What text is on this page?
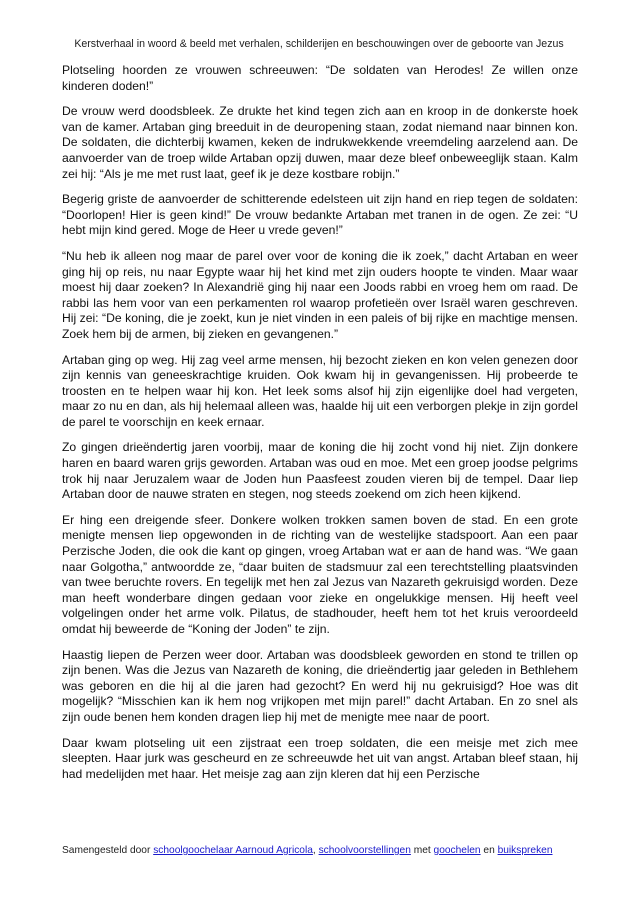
Kerstverhaal in woord & beeld met verhalen, schilderijen en beschouwingen over de geboorte van Jezus

Plotseling hoorden ze vrouwen schreeuwen: “De soldaten van Herodes! Ze willen onze kinderen doden!”

De vrouw werd doodsbleek. Ze drukte het kind tegen zich aan en kroop in de donkerste hoek van de kamer. Artaban ging breeduit in de deuropening staan, zodat niemand naar binnen kon. De soldaten, die dichterbij kwamen, keken de indrukwekkende vreemdeling aarzelend aan. De aanvoerder van de troep wilde Artaban opzij duwen, maar deze bleef onbeweeglijk staan. Kalm zei hij: “Als je me met rust laat, geef ik je deze kostbare robijn.”

Begerig griste de aanvoerder de schitterende edelsteen uit zijn hand en riep tegen de soldaten: “Doorlopen! Hier is geen kind!” De vrouw bedankte Artaban met tranen in de ogen. Ze zei: “U hebt mijn kind gered. Moge de Heer u vrede geven!”

“Nu heb ik alleen nog maar de parel over voor de koning die ik zoek,” dacht Artaban en weer ging hij op reis, nu naar Egypte waar hij het kind met zijn ouders hoopte te vinden. Maar waar moest hij daar zoeken? In Alexandrië ging hij naar een Joods rabbi en vroeg hem om raad. De rabbi las hem voor van een perkamenten rol waarop profetieën over Israël waren geschreven. Hij zei: “De koning, die je zoekt, kun je niet vinden in een paleis of bij rijke en machtige mensen. Zoek hem bij de armen, bij zieken en gevangenen.”

Artaban ging op weg. Hij zag veel arme mensen, hij bezocht zieken en kon velen genezen door zijn kennis van geneeskrachtige kruiden. Ook kwam hij in gevangenissen. Hij probeerde te troosten en te helpen waar hij kon. Het leek soms alsof hij zijn eigenlijke doel had vergeten, maar zo nu en dan, als hij helemaal alleen was, haalde hij uit een verborgen plekje in zijn gordel de parel te voorschijn en keek ernaar.

Zo gingen drieëndertig jaren voorbij, maar de koning die hij zocht vond hij niet. Zijn donkere haren en baard waren grijs geworden. Artaban was oud en moe. Met een groep joodse pelgrims trok hij naar Jeruzalem waar de Joden hun Paasfeest zouden vieren bij de tempel. Daar liep Artaban door de nauwe straten en stegen, nog steeds zoekend om zich heen kijkend.

Er hing een dreigende sfeer. Donkere wolken trokken samen boven de stad. En een grote menigte mensen liep opgewonden in de richting van de westelijke stadspoort. Aan een paar Perzische Joden, die ook die kant op gingen, vroeg Artaban wat er aan de hand was. “We gaan naar Golgotha,” antwoordde ze, “daar buiten de stadsmuur zal een terechtstelling plaatsvinden van twee beruchte rovers. En tegelijk met hen zal Jezus van Nazareth gekruisigd worden. Deze man heeft wonderbare dingen gedaan voor zieke en ongelukkige mensen. Hij heeft veel volgelingen onder het arme volk. Pilatus, de stadhouder, heeft hem tot het kruis veroordeeld omdat hij beweerde de “Koning der Joden” te zijn.

Haastig liepen de Perzen weer door. Artaban was doodsbleek geworden en stond te trillen op zijn benen. Was die Jezus van Nazareth de koning, die drieëndertig jaar geleden in Bethlehem was geboren en die hij al die jaren had gezocht? En werd hij nu gekruisigd? Hoe was dit mogelijk? “Misschien kan ik hem nog vrijkopen met mijn parel!” dacht Artaban. En zo snel als zijn oude benen hem konden dragen liep hij met de menigte mee naar de poort.

Daar kwam plotseling uit een zijstraat een troep soldaten, die een meisje met zich mee sleepten. Haar jurk was gescheurd en ze schreeuwde het uit van angst. Artaban bleef staan, hij had medelijden met haar. Het meisje zag aan zijn kleren dat hij een Perzische

Samengesteld door schoolgoochelaar Aarnoud Agricola, schoolvoorstellingen met goochelen en buikspreken
